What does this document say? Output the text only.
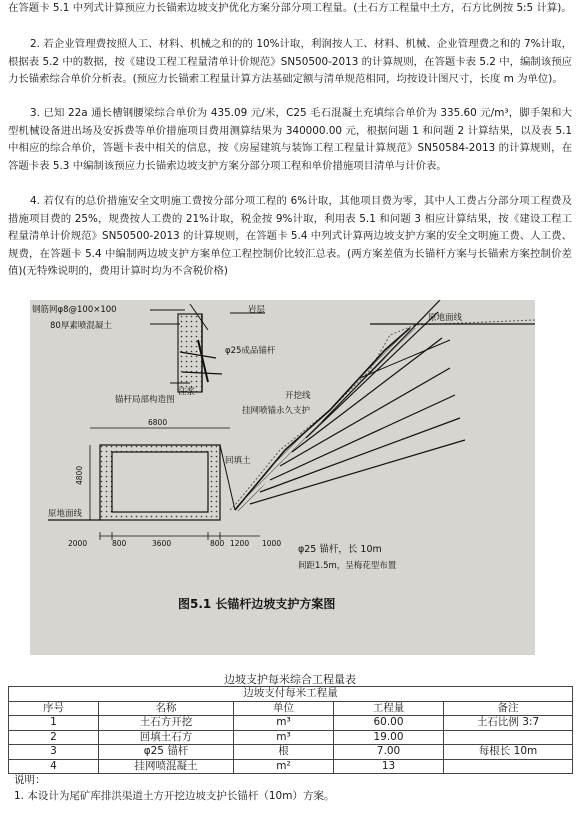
在答题卡 5.1 中列式计算预应力长锚索边坡支护优化方案分部分项工程量。(土石方工程量中土方，石方比例按 5:5 计算)。
2. 若企业管理费按照人工、材料、机械之和的的 10%计取，利润按人工、材料、机械、企业管理费之和的 7%计取，根据表 5.2 中的数据，按《建设工程工程量清单计价规范》SN50500-2013 的计算规则，在答题卡表 5.2 中，编制该预应力长锚索综合单价分析表。(预应力长锚索工程量计算方法基础定额与清单规范相同，均按设计图尺寸，长度 m 为单位)。
3. 已知 22a 通长槽钢腰梁综合单价为 435.09 元/米，C25 毛石混凝土充填综合单价为 335.60 元/m³，脚手架和大型机械设备进出场及安拆费等单价措施项目费用测算结果为 340000.00 元，根据问题 1 和问题 2 计算结果，以及表 5.1 中相应的综合单价，答题卡表中相关的信息，按《房屋建筑与装饰工程工程量计算规范》SN50584-2013 的计算规则，在答题卡表 5.3 中编制该预应力长锚索边坡支护方案分部分项工程和单价措施项目清单与计价表。
4. 若仅有的总价措施安全文明施工费按分部分项工程的 6%计取，其他项目费为零，其中人工费占分部分项工程费及措施项目费的 25%，规费按人工费的 21%计取，税金按 9%计取，利用表 5.1 和问题 3 相应计算结果，按《建设工程工程量清单计价规范》SN50500-2013 的计算规则，在答题卡 5.4 中列式计算两边坡支护方案的安全文明施工费、人工费、规费，在答题卡 5.4 中编制两边坡支护方案单位工程控制价比较汇总表。(两方案差值为长锚杆方案与长锚索方案控制价差值)(无特殊说明的，费用计算时均为不含税价格)
钢筋网φ8@100×100
80厚素喷混凝土
岩层
φ25成品锚杆
注浆
锚杆局部构造图
原地面线
开挖线
挂网喷锚永久支护
回填土
原地面线
6800
4800
2000	3600
800	800 1200 1000
φ25 锚杆，长 10m
间距1.5m，呈梅花型布置
图5.1 长锚杆边坡支护方案图
边坡支护每米综合工程量表
边坡支付每米工程量				
序号	名称	单位	工程量	备注
1	土石方开挖	m³	60.00	土石比例 3:7
2	回填土石方	m³	19.00	
3	φ25 锚杆	根	7.00	每根长 10m
4	挂网喷混凝土	m²	13	
说明：
1. 本设计为尾矿库排洪渠道土方开挖边坡支护长锚杆（10m）方案。
